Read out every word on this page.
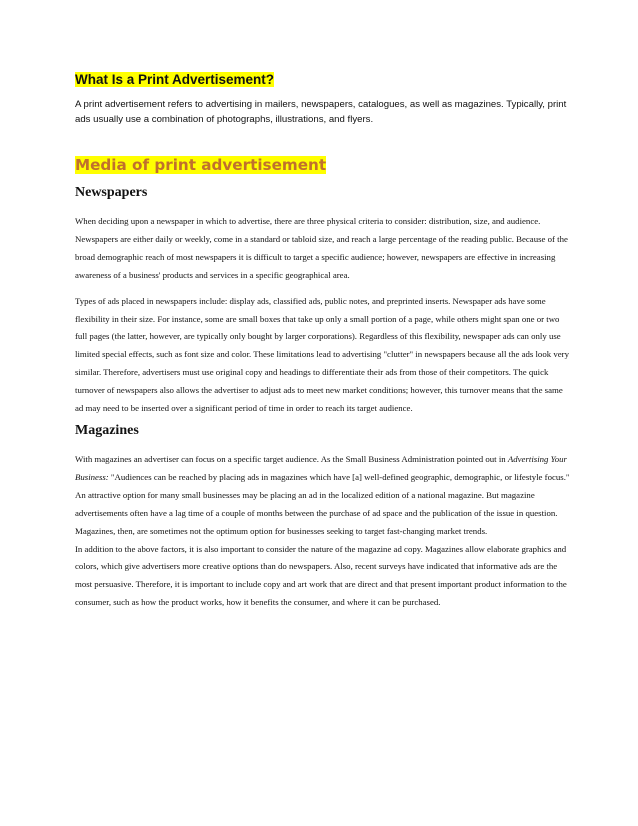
What Is a Print Advertisement?

A print advertisement refers to advertising in mailers, newspapers, catalogues, as well as magazines. Typically, print ads usually use a combination of photographs, illustrations, and flyers.

Media of print advertisement
Newspapers

When deciding upon a newspaper in which to advertise, there are three physical criteria to consider: distribution, size, and audience. Newspapers are either daily or weekly, come in a standard or tabloid size, and reach a large percentage of the reading public. Because of the broad demographic reach of most newspapers it is difficult to target a specific audience; however, newspapers are effective in increasing awareness of a business' products and services in a specific geographical area.

Types of ads placed in newspapers include: display ads, classified ads, public notes, and preprinted inserts. Newspaper ads have some flexibility in their size. For instance, some are small boxes that take up only a small portion of a page, while others might span one or two full pages (the latter, however, are typically only bought by larger corporations). Regardless of this flexibility, newspaper ads can only use limited special effects, such as font size and color. These limitations lead to advertising "clutter" in newspapers because all the ads look very similar. Therefore, advertisers must use original copy and headings to differentiate their ads from those of their competitors. The quick turnover of newspapers also allows the advertiser to adjust ads to meet new market conditions; however, this turnover means that the same ad may need to be inserted over a significant period of time in order to reach its target audience.

Magazines

With magazines an advertiser can focus on a specific target audience. As the Small Business Administration pointed out in Advertising Your Business: "Audiences can be reached by placing ads in magazines which have [a] well-defined geographic, demographic, or lifestyle focus." An attractive option for many small businesses may be placing an ad in the localized edition of a national magazine. But magazine advertisements often have a lag time of a couple of months between the purchase of ad space and the publication of the issue in question. Magazines, then, are sometimes not the optimum option for businesses seeking to target fast-changing market trends.

In addition to the above factors, it is also important to consider the nature of the magazine ad copy. Magazines allow elaborate graphics and colors, which give advertisers more creative options than do newspapers. Also, recent surveys have indicated that informative ads are the most persuasive. Therefore, it is important to include copy and art work that are direct and that present important product information to the consumer, such as how the product works, how it benefits the consumer, and where it can be purchased.
